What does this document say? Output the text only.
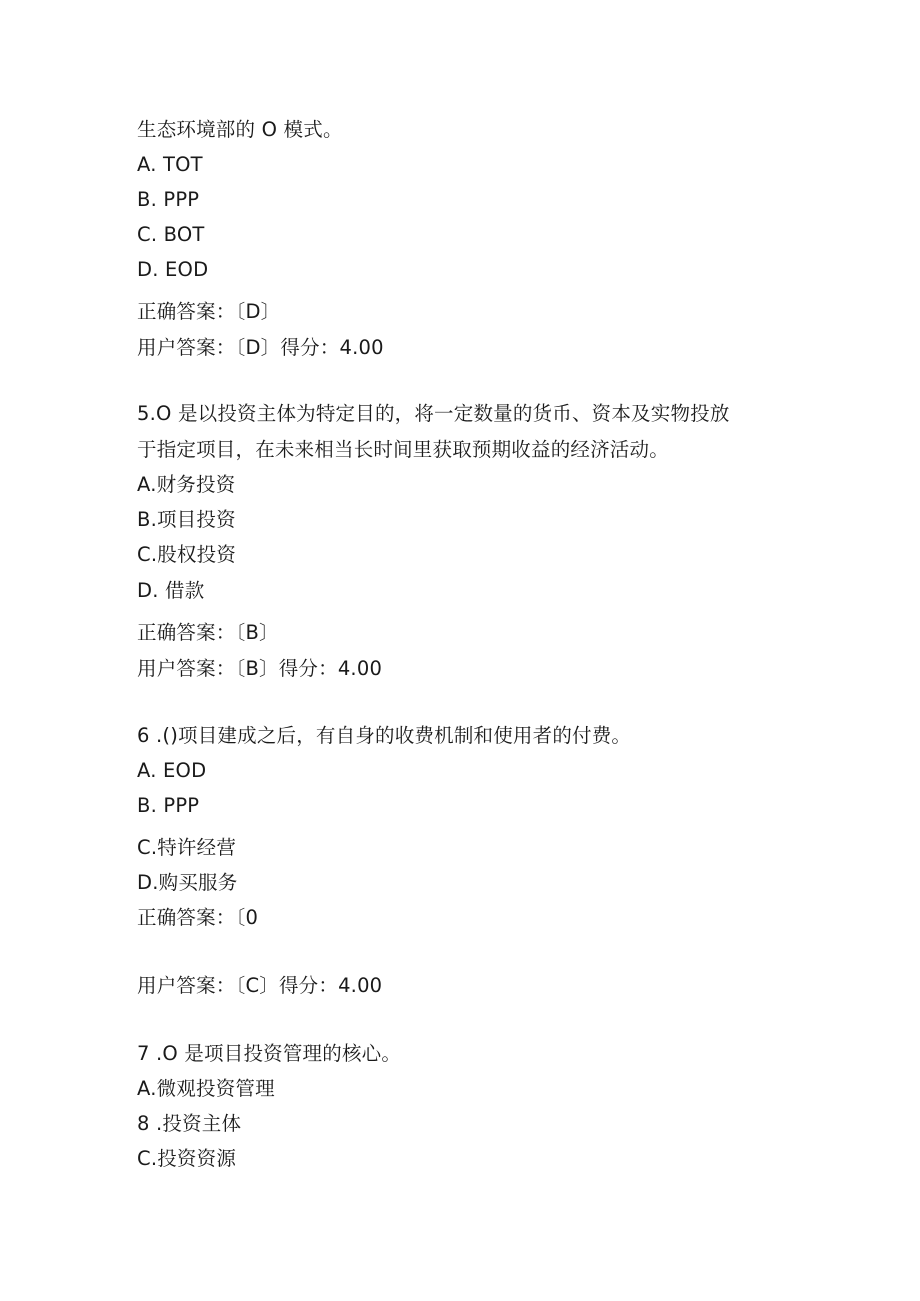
生态环境部的 O 模式。
A. TOT
B. PPP
C. BOT
D. EOD
正确答案：〔D〕
用户答案：〔D〕得分：4.00
5.O 是以投资主体为特定目的，将一定数量的货币、资本及实物投放
于指定项目，在未来相当长时间里获取预期收益的经济活动。
A.财务投资
B.项目投资
C.股权投资
D. 借款
正确答案：〔B〕
用户答案：〔B〕得分：4.00
6 .()项目建成之后，有自身的收费机制和使用者的付费。
A. EOD
B. PPP
C.特许经营
D.购买服务
正确答案：〔0
用户答案：〔C〕得分：4.00
7 .O 是项目投资管理的核心。
A.微观投资管理
8 .投资主体
C.投资资源
